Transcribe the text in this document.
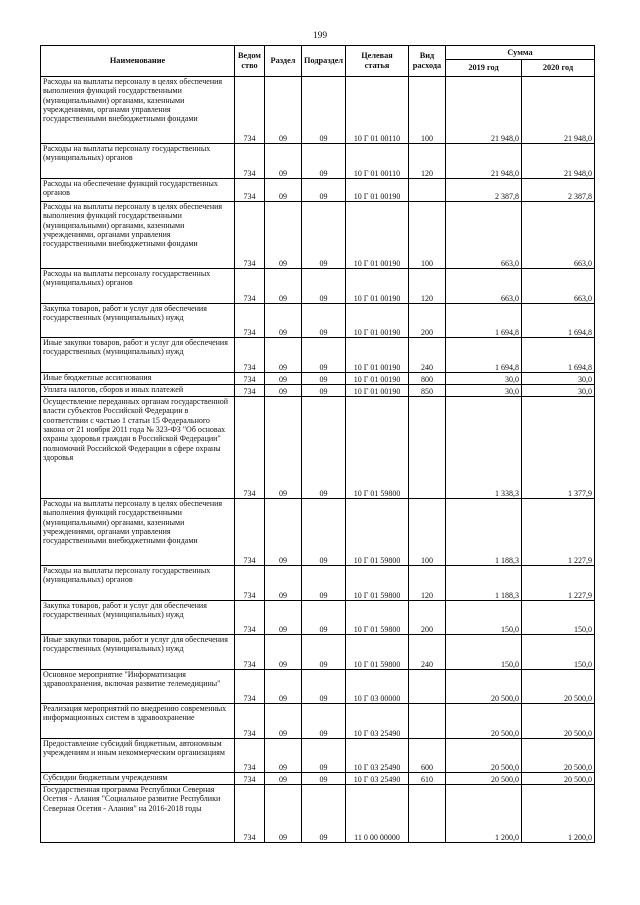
199
Наименование	Ведом ство	Раздел	Подраздел	Целевая статья	Вид расхода	Сумма	
						2019 год	2020 год
Расходы на выплаты персоналу в целях обеспечения выполнения функций государственными (муниципальными) органами, казенными учреждениями, органами управления государственными внебюджетными фондами	734	09	09	10 Г 01 00110	100	21 948,0	21 948,0
Расходы на выплаты персоналу государственных (муниципальных) органов	734	09	09	10 Г 01 00110	120	21 948,0	21 948,0
Расходы на обеспечение функций государственных органов	734	09	09	10 Г 01 00190		2 387,8	2 387,8
Расходы на выплаты персоналу в целях обеспечения выполнения функций государственными (муниципальными) органами, казенными учреждениями, органами управления государственными внебюджетными фондами	734	09	09	10 Г 01 00190	100	663,0	663,0
Расходы на выплаты персоналу государственных (муниципальных) органов	734	09	09	10 Г 01 00190	120	663,0	663,0
Закупка товаров, работ и услуг для обеспечения государственных (муниципальных) нужд	734	09	09	10 Г 01 00190	200	1 694,8	1 694,8
Иные закупки товаров, работ и услуг для обеспечения государственных (муниципальных) нужд	734	09	09	10 Г 01 00190	240	1 694,8	1 694,8
Иные бюджетные ассигнования	734	09	09	10 Г 01 00190	800	30,0	30,0
Уплата налогов, сборов и иных платежей	734	09	09	10 Г 01 00190	850	30,0	30,0
Осуществление переданных органам государственной власти субъектов Российской Федерации в соответствии с частью 1 статьи 15 Федерального закона от 21 ноября 2011 года № 323-ФЗ "Об основах охраны здоровья граждан в Российской Федерации" полномочий Российской Федерации в сфере охраны здоровья	734	09	09	10 Г 01 59800		1 338,3	1 377,9
Расходы на выплаты персоналу в целях обеспечения выполнения функций государственными (муниципальными) органами, казенными учреждениями, органами управления государственными внебюджетными фондами	734	09	09	10 Г 01 59800	100	1 188,3	1 227,9
Расходы на выплаты персоналу государственных (муниципальных) органов	734	09	09	10 Г 01 59800	120	1 188,3	1 227,9
Закупка товаров, работ и услуг для обеспечения государственных (муниципальных) нужд	734	09	09	10 Г 01 59800	200	150,0	150,0
Иные закупки товаров, работ и услуг для обеспечения государственных (муниципальных) нужд	734	09	09	10 Г 01 59800	240	150,0	150,0
Основное мероприятие "Информатизация здравоохранения, включая развитие телемедицины"	734	09	09	10 Г 03 00000		20 500,0	20 500,0
Реализация мероприятий по внедрению современных информационных систем в здравоохранение	734	09	09	10 Г 03 25490		20 500,0	20 500,0
Предоставление субсидий бюджетным, автономным учреждениям и иным некоммерческим организациям	734	09	09	10 Г 03 25490	600	20 500,0	20 500,0
Субсидии бюджетным учреждениям	734	09	09	10 Г 03 25490	610	20 500,0	20 500,0
Государственная программа Республики Северная Осетия - Алания "Социальное развитие Республики Северная Осетия - Алания" на 2016-2018 годы	734	09	09	11 0 00 00000		1 200,0	1 200,0
